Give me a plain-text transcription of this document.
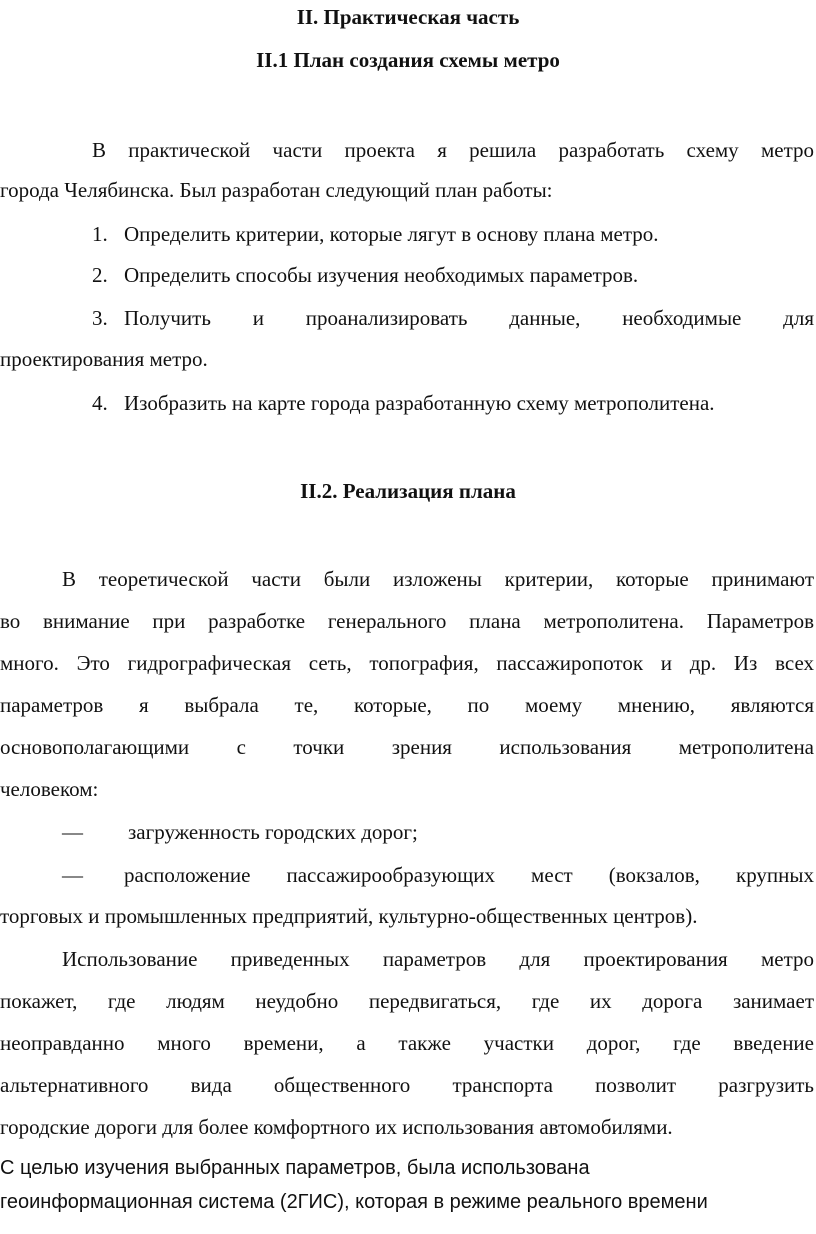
II. Практическая часть
II.1 План создания схемы метро
В практической части проекта я решила разработать схему метро
города Челябинска. Был разработан следующий план работы:
1. Определить критерии, которые лягут в основу плана метро.
2. Определить способы изучения необходимых параметров.
3. Получить и проанализировать данные, необходимые для
проектирования метро.
4. Изобразить на карте города разработанную схему метрополитена.
II.2. Реализация плана
В теоретической части были изложены критерии, которые принимают
во внимание при разработке генерального плана метрополитена. Параметров
много. Это гидрографическая сеть, топография, пассажиропоток и др. Из всех
параметров я выбрала те, которые, по моему мнению, являются
основополагающими с точки зрения использования метрополитена
человеком:
— загруженность городских дорог;
— расположение пассажирообразующих мест (вокзалов, крупных
торговых и промышленных предприятий, культурно-общественных центров).
Использование приведенных параметров для проектирования метро
покажет, где людям неудобно передвигаться, где их дорога занимает
неоправданно много времени, а также участки дорог, где введение
альтернативного вида общественного транспорта позволит разгрузить
городские дороги для более комфортного их использования автомобилями.
С целью изучения выбранных параметров, была использована
геоинформационная система (2ГИС), которая в режиме реального времени
